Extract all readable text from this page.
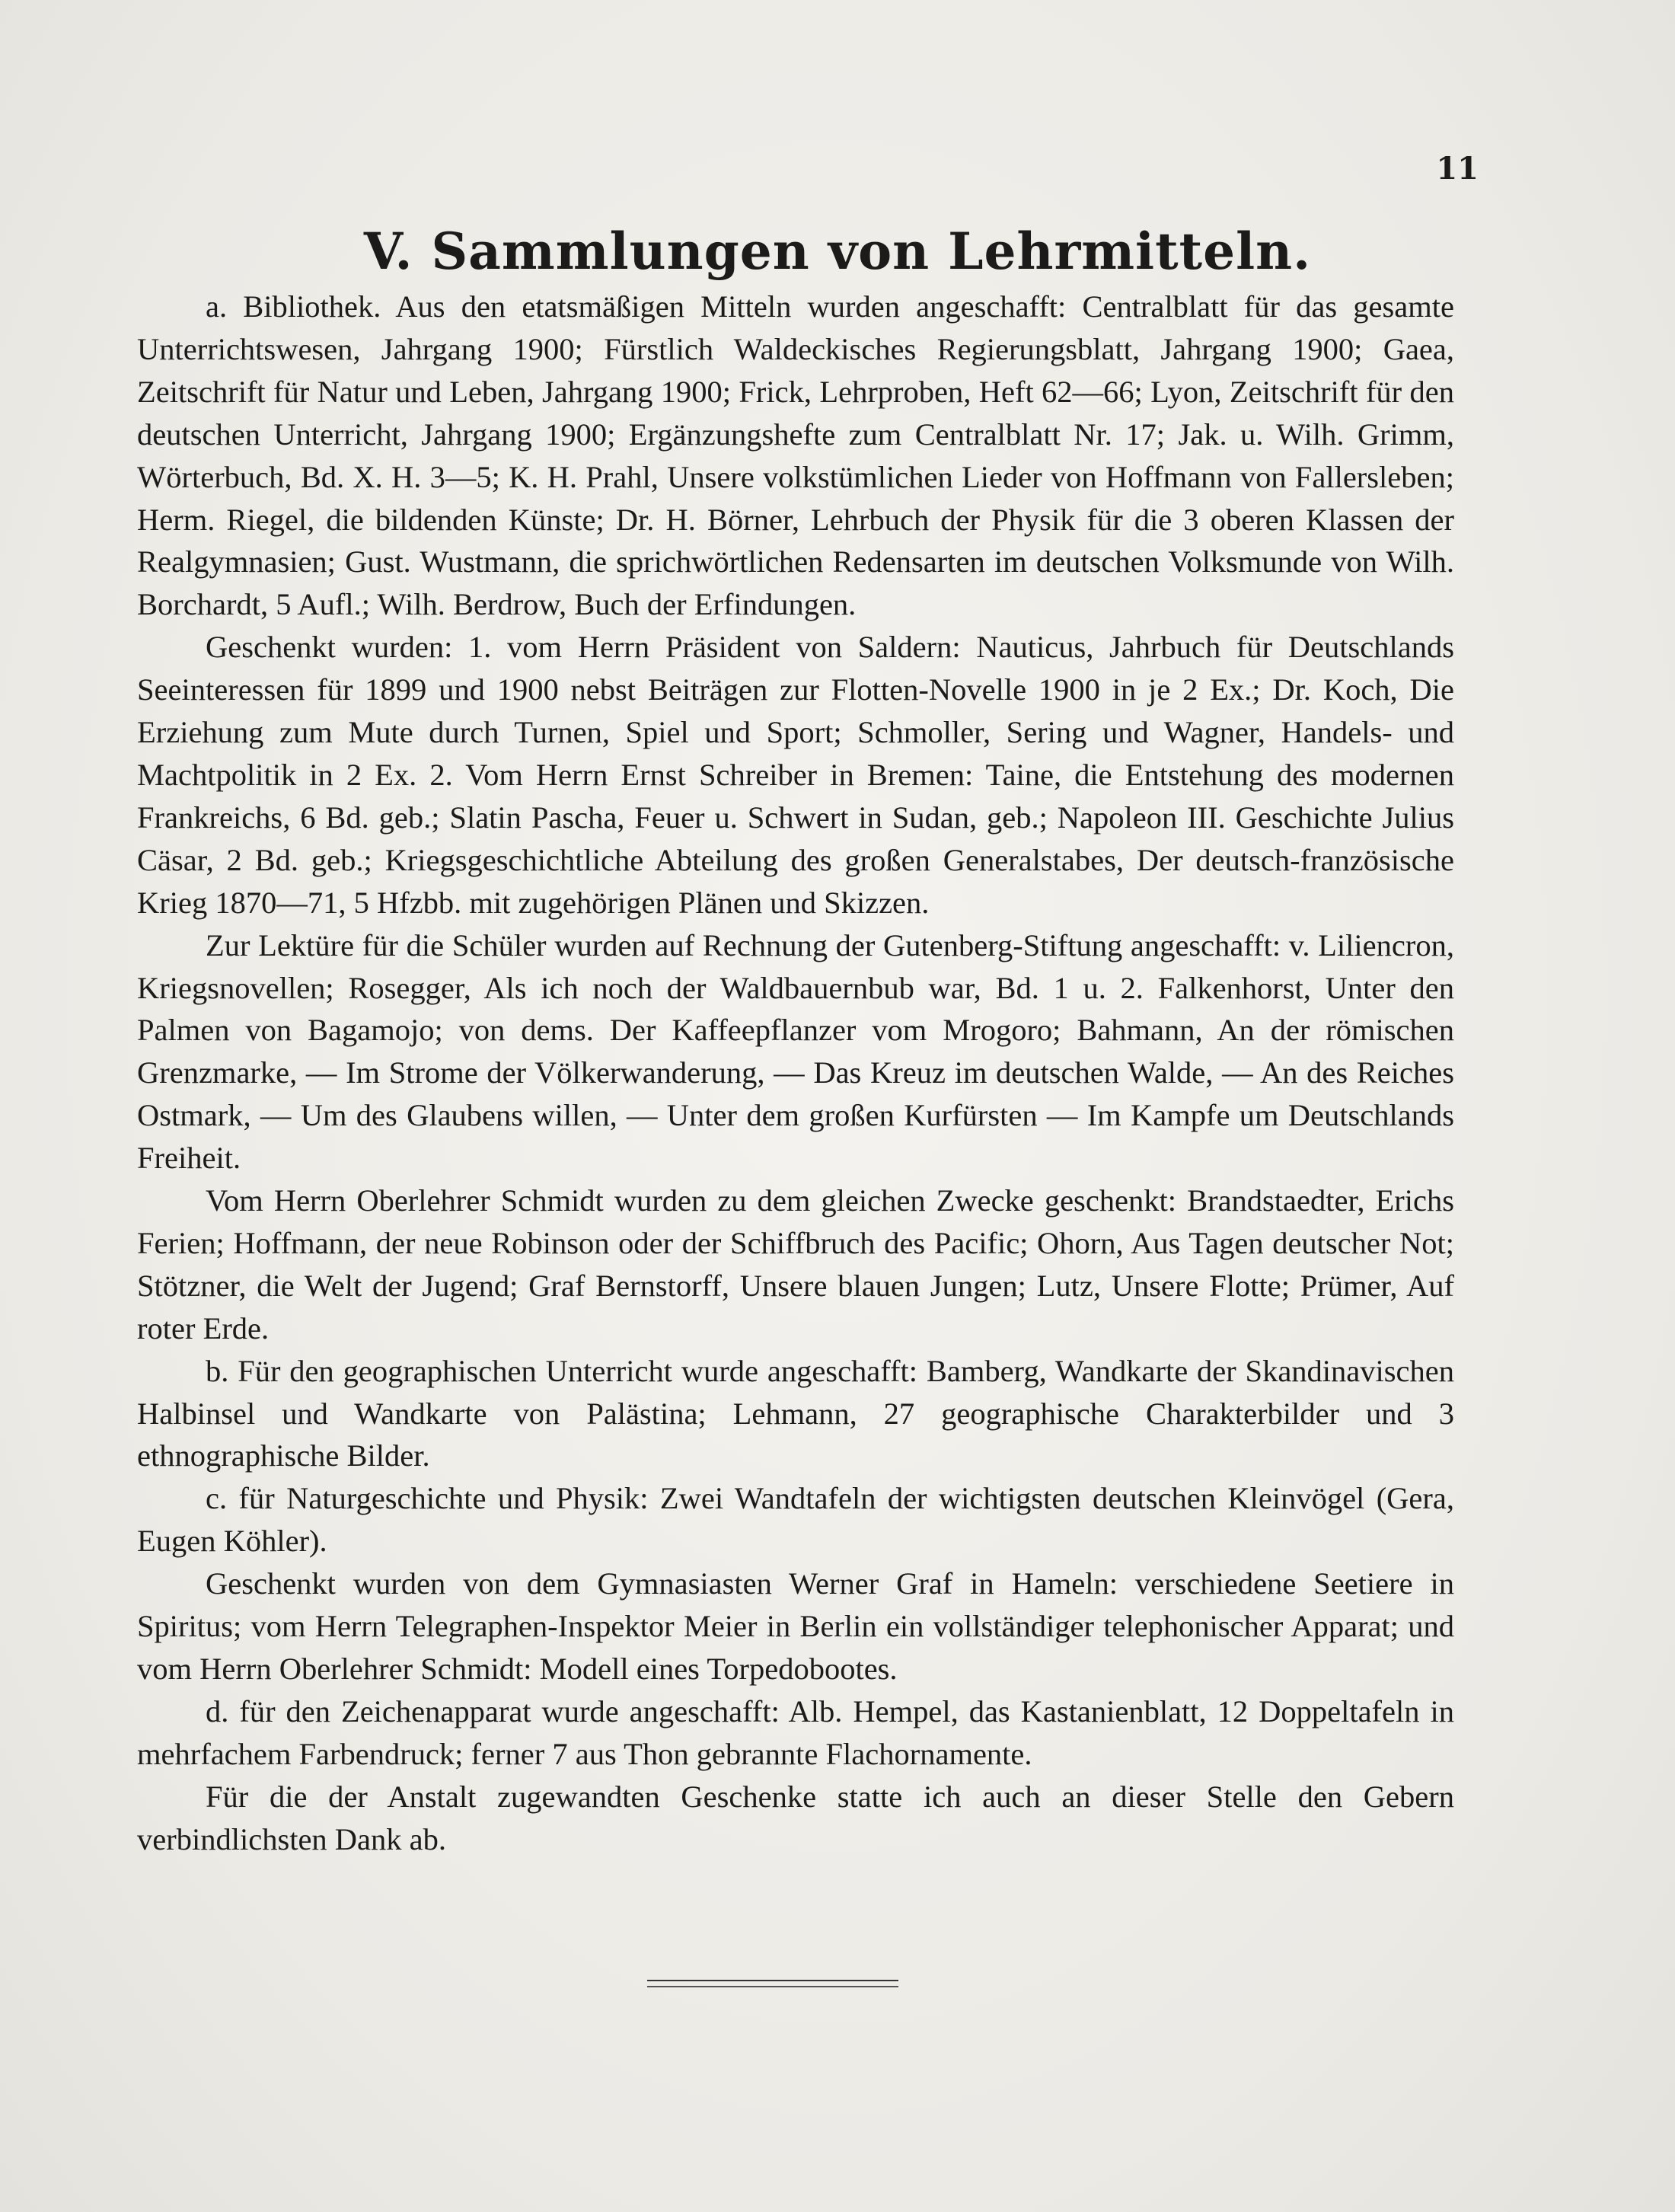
11
V. Sammlungen von Lehrmitteln.

a. Bibliothek. Aus den etatsmäßigen Mitteln wurden angeschafft: Centralblatt für das gesamte Unterrichtswesen, Jahrgang 1900; Fürstlich Waldeckisches Regierungsblatt, Jahrgang 1900; Gaea, Zeitschrift für Natur und Leben, Jahrgang 1900; Frick, Lehrproben, Heft 62—66; Lyon, Zeitschrift für den deutschen Unterricht, Jahrgang 1900; Ergänzungshefte zum Centralblatt Nr. 17; Jak. u. Wilh. Grimm, Wörterbuch, Bd. X. H. 3—5; K. H. Prahl, Unsere volkstümlichen Lieder von Hoffmann von Fallersleben; Herm. Riegel, die bildenden Künste; Dr. H. Börner, Lehrbuch der Physik für die 3 oberen Klassen der Realgymnasien; Gust. Wustmann, die sprichwörtlichen Redensarten im deutschen Volksmunde von Wilh. Borchardt, 5 Aufl.; Wilh. Berdrow, Buch der Erfindungen.

Geschenkt wurden: 1. vom Herrn Präsident von Saldern: Nauticus, Jahrbuch für Deutschlands Seeinteressen für 1899 und 1900 nebst Beiträgen zur Flotten-Novelle 1900 in je 2 Ex.; Dr. Koch, Die Erziehung zum Mute durch Turnen, Spiel und Sport; Schmoller, Sering und Wagner, Handels- und Machtpolitik in 2 Ex. 2. Vom Herrn Ernst Schreiber in Bremen: Taine, die Entstehung des modernen Frankreichs, 6 Bd. geb.; Slatin Pascha, Feuer u. Schwert in Sudan, geb.; Napoleon III. Geschichte Julius Cäsar, 2 Bd. geb.; Kriegsgeschichtliche Abteilung des großen Generalstabes, Der deutsch-französische Krieg 1870—71, 5 Hfzbb. mit zugehörigen Plänen und Skizzen.

Zur Lektüre für die Schüler wurden auf Rechnung der Gutenberg-Stiftung angeschafft: v. Liliencron, Kriegsnovellen; Rosegger, Als ich noch der Waldbauernbub war, Bd. 1 u. 2. Falkenhorst, Unter den Palmen von Bagamojo; von dems. Der Kaffeepflanzer vom Mrogoro; Bahmann, An der römischen Grenzmarke, — Im Strome der Völkerwanderung, — Das Kreuz im deutschen Walde, — An des Reiches Ostmark, — Um des Glaubens willen, — Unter dem großen Kurfürsten — Im Kampfe um Deutschlands Freiheit.

Vom Herrn Oberlehrer Schmidt wurden zu dem gleichen Zwecke geschenkt: Brandstaedter, Erichs Ferien; Hoffmann, der neue Robinson oder der Schiffbruch des Pacific; Ohorn, Aus Tagen deutscher Not; Stötzner, die Welt der Jugend; Graf Bernstorff, Unsere blauen Jungen; Lutz, Unsere Flotte; Prümer, Auf roter Erde.

b. Für den geographischen Unterricht wurde angeschafft: Bamberg, Wandkarte der Skandinavischen Halbinsel und Wandkarte von Palästina; Lehmann, 27 geographische Charakterbilder und 3 ethnographische Bilder.

c. für Naturgeschichte und Physik: Zwei Wandtafeln der wichtigsten deutschen Kleinvögel (Gera, Eugen Köhler).

Geschenkt wurden von dem Gymnasiasten Werner Graf in Hameln: verschiedene Seetiere in Spiritus; vom Herrn Telegraphen-Inspektor Meier in Berlin ein vollständiger telephonischer Apparat; und vom Herrn Oberlehrer Schmidt: Modell eines Torpedobootes.

d. für den Zeichenapparat wurde angeschafft: Alb. Hempel, das Kastanienblatt, 12 Doppeltafeln in mehrfachem Farbendruck; ferner 7 aus Thon gebrannte Flachornamente.

Für die der Anstalt zugewandten Geschenke statte ich auch an dieser Stelle den Gebern verbindlichsten Dank ab.
